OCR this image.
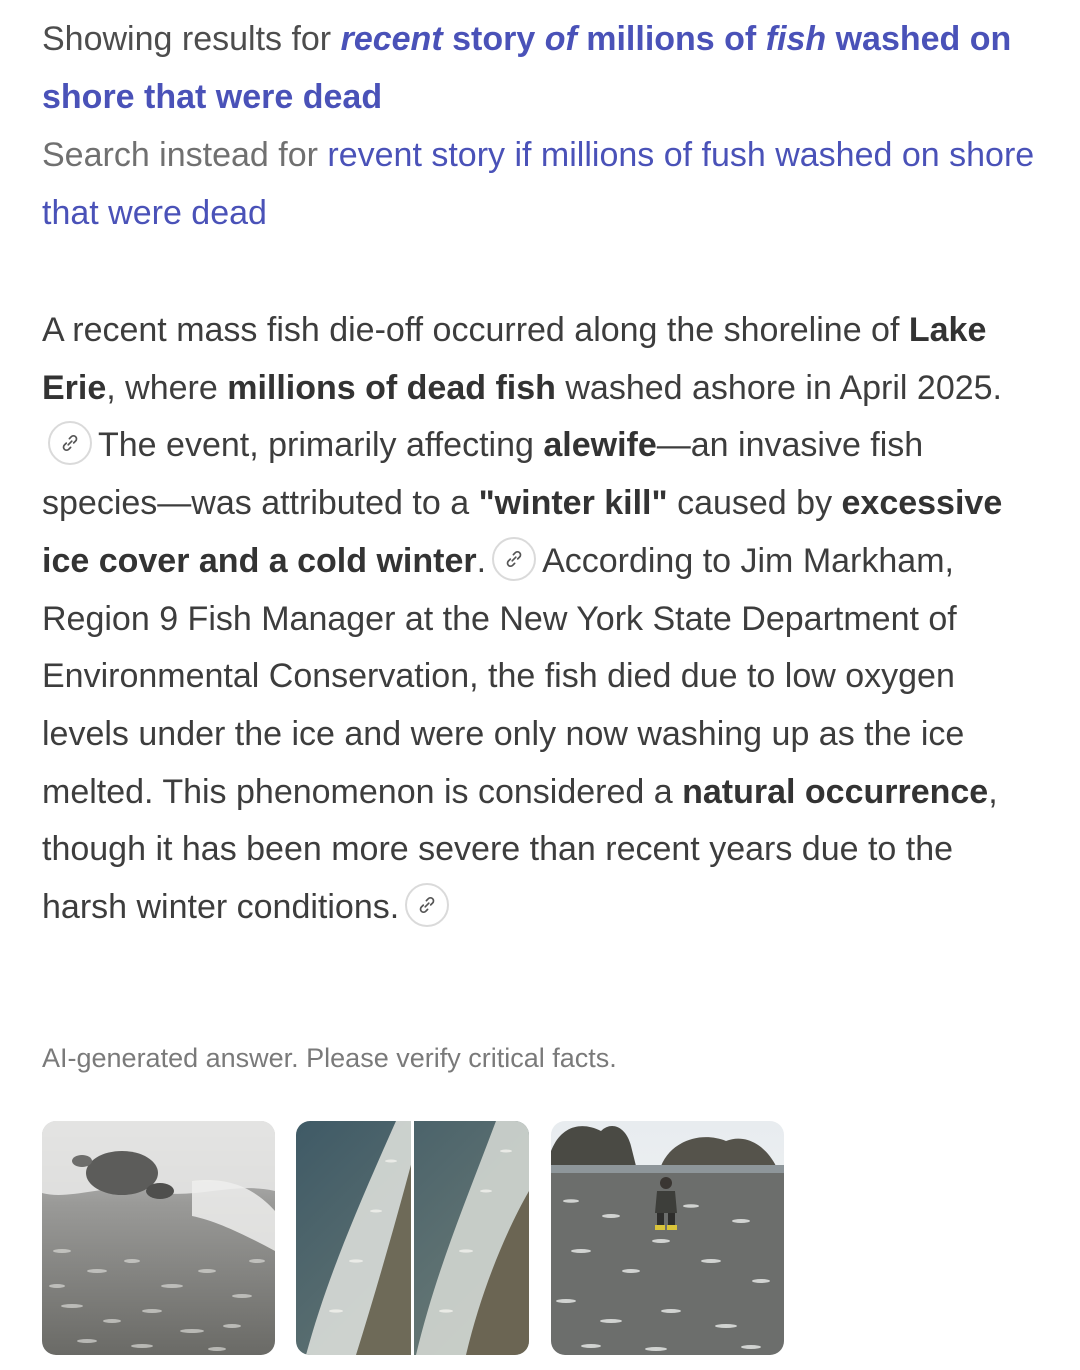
Showing results for recent story of millions of fish washed on shore that were dead
Search instead for revent story if millions of fush washed on shore that were dead
A recent mass fish die-off occurred along the shoreline of Lake Erie, where millions of dead fish washed ashore in April 2025.
The event, primarily affecting alewife—an invasive fish species—was attributed to a "winter kill" caused by excessive ice cover and a cold winter. According to Jim Markham, Region 9 Fish Manager at the New York State Department of Environmental Conservation, the fish died due to low oxygen levels under the ice and were only now washing up as the ice melted. This phenomenon is considered a natural occurrence, though it has been more severe than recent years due to the harsh winter conditions.
AI-generated answer. Please verify critical facts.
